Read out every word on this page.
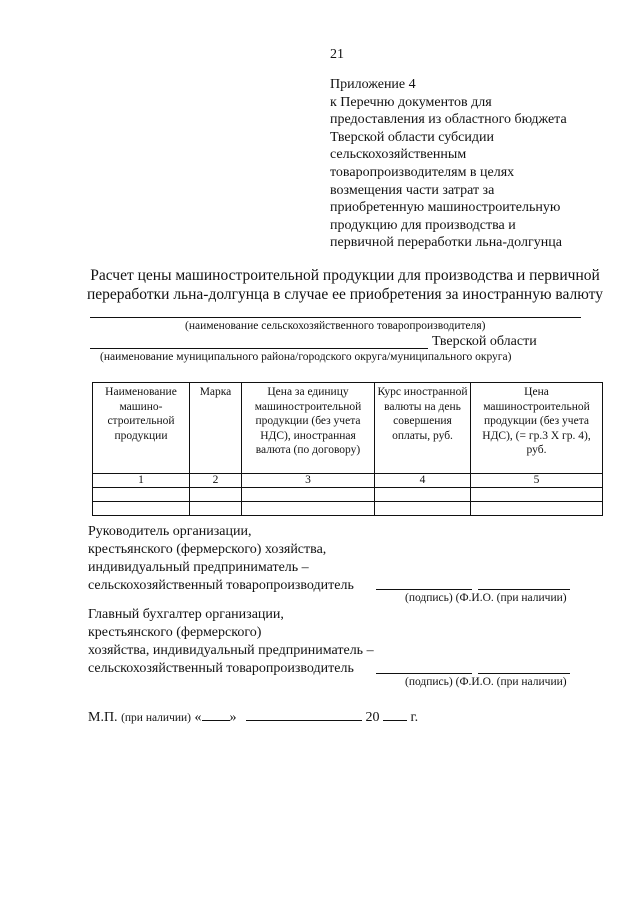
21
Приложение 4
к Перечню документов для
предоставления из областного бюджета
Тверской области субсидии
сельскохозяйственным
товаропроизводителям в целях
возмещения части затрат за
приобретенную машиностроительную
продукцию для производства и
первичной переработки льна-долгунца
Расчет цены машиностроительной продукции для производства и первичной
переработки льна-долгунца в случае ее приобретения за иностранную валюту
(наименование сельскохозяйственного товаропроизводителя)
Тверской области
(наименование муниципального района/городского округа/муниципального округа)
Наименование машино-строительной продукции	Марка	Цена за единицу машиностроительной продукции (без учета НДС), иностранная валюта (по договору)	Курс иностранной валюты на день совершения оплаты, руб.	Цена машиностроительной продукции (без учета НДС), (= гр.3 Х гр. 4), руб.
1	2	3	4	5

Руководитель организации,
крестьянского (фермерского) хозяйства,
индивидуальный предприниматель –
сельскохозяйственный товаропроизводитель
(подпись) (Ф.И.О. (при наличии)
Главный бухгалтер организации,
крестьянского (фермерского)
хозяйства, индивидуальный предприниматель –
сельскохозяйственный товаропроизводитель
(подпись) (Ф.И.О. (при наличии)
М.П. (при наличии) « »	20 г.
